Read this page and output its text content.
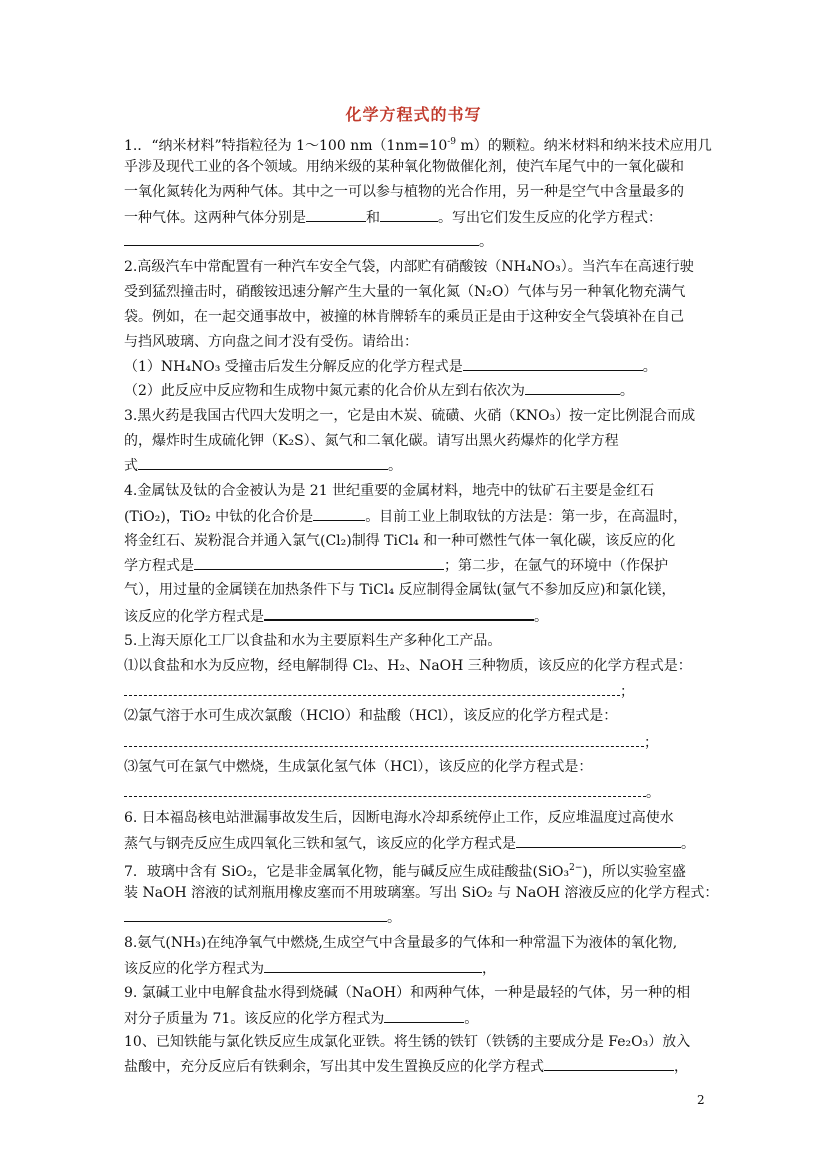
化学方程式的书写
1.．“纳米材料”特指粒径为 1～100 $nm(1nm=10^{-9}$ m）的颗粒。纳米材料和纳米技术应用几
乎涉及现代工业的各个领域。用纳米级的某种氧化物做催化剂，使汽车尾气中的一氧化碳和
一氧化氮转化为两种气体。其中之一可以参与植物的光合作用，另一种是空气中含量最多的
一种气体。这两种气体分别是	和	。写出它们发生反应的化学方程式：
。
2.高级汽车中常配置有一种汽车安全气袋，内部贮有硝酸铵（NH₄NO₃）。当汽车在高速行驶
受到猛烈撞击时，硝酸铵迅速分解产生大量的一氧化氮（N₂O）气体与另一种氧化物充满气
袋。例如，在一起交通事故中，被撞的林肯牌轿车的乘员正是由于这种安全气袋填补在自己
与挡风玻璃、方向盘之间才没有受伤。请给出：
（1）NH₄NO₃ 受撞击后发生分解反应的化学方程式是	。
（2）此反应中反应物和生成物中氮元素的化合价从左到右依次为	。
3.黑火药是我国古代四大发明之一，它是由木炭、硫磺、火硝（KNO₃）按一定比例混合而成
的，爆炸时生成硫化钾（K₂S）、氮气和二氧化碳。请写出黑火药爆炸的化学方程
式	。
4.金属钛及钛的合金被认为是 21 世纪重要的金属材料，地壳中的钛矿石主要是金红石
(TiO₂)，TiO₂ 中钛的化合价是	。目前工业上制取钛的方法是：第一步，在高温时，
将金红石、炭粉混合并通入氯气(Cl₂)制得 TiCl₄ 和一种可燃性气体一氧化碳，该反应的化
学方程式是	；第二步，在氩气的环境中（作保护
气），用过量的金属镁在加热条件下与 TiCl₄ 反应制得金属钛(氩气不参加反应)和氯化镁，
该反应的化学方程式是	。
5.上海天原化工厂以食盐和水为主要原料生产多种化工产品。
⑴以食盐和水为反应物，经电解制得 Cl₂、H₂、NaOH 三种物质，该反应的化学方程式是：
；
⑵氯气溶于水可生成次氯酸（HClO）和盐酸（HCl），该反应的化学方程式是：
；
⑶氢气可在氯气中燃烧，生成氯化氢气体（HCl），该反应的化学方程式是：
。
6. 日本福岛核电站泄漏事故发生后，因断电海水冷却系统停止工作，反应堆温度过高使水
蒸气与钢壳反应生成四氧化三铁和氢气，该反应的化学方程式是	。
7．玻璃中含有 SiO₂，它是非金属氧化物，能与碱反应生成硅酸盐(SiO₃$^{2-}$)，所以实验室盛
装 NaOH 溶液的试剂瓶用橡皮塞而不用玻璃塞。写出 SiO₂ 与 NaOH 溶液反应的化学方程式：
。
8.氨气(NH₃)在纯净氧气中燃烧,生成空气中含量最多的气体和一种常温下为液体的氧化物,
该反应的化学方程式为	，
9. 氯碱工业中电解食盐水得到烧碱（NaOH）和两种气体，一种是最轻的气体，另一种的相
对分子质量为 71。该反应的化学方程式为	。
10、已知铁能与氯化铁反应生成氯化亚铁。将生锈的铁钉（铁锈的主要成分是 Fe₂O₃）放入
盐酸中，充分反应后有铁剩余，写出其中发生置换反应的化学方程式	，
2
